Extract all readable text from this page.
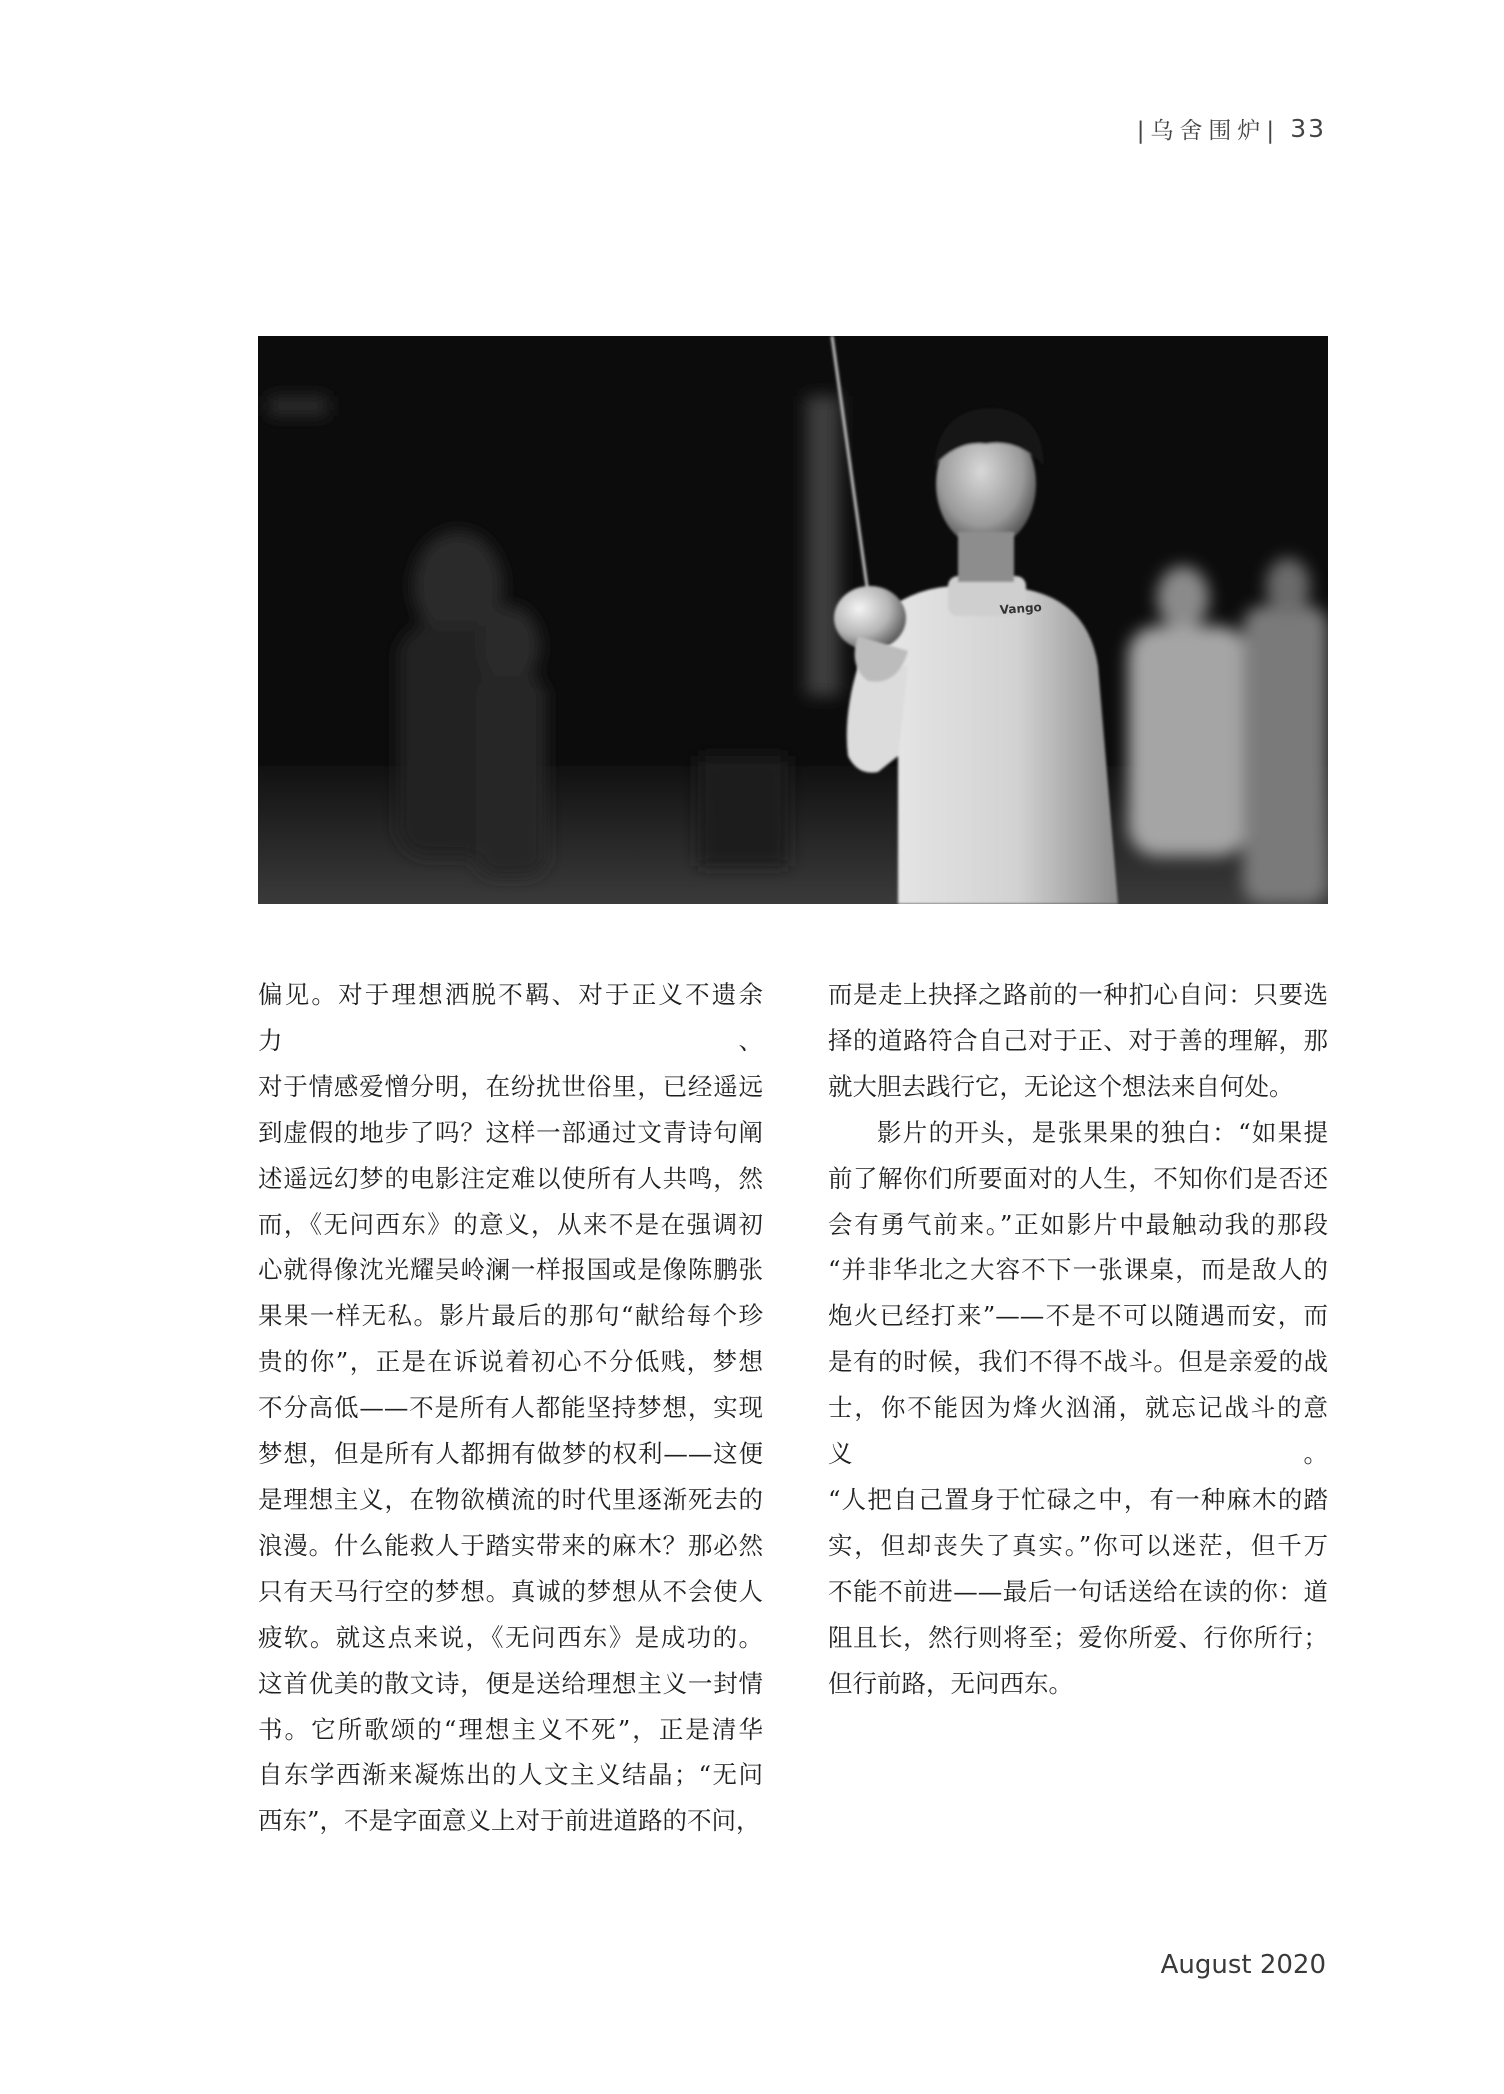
|乌舍围炉| 33
Vango

偏见。对于理想洒脱不羁、对于正义不遗余力、

对于情感爱憎分明，在纷扰世俗里，已经遥远

到虚假的地步了吗？这样一部通过文青诗句阐

述遥远幻梦的电影注定难以使所有人共鸣，然

而，《无问西东》的意义，从来不是在强调初

心就得像沈光耀吴岭澜一样报国或是像陈鹏张

果果一样无私。影片最后的那句“献给每个珍

贵的你”，正是在诉说着初心不分低贱，梦想

不分高低——不是所有人都能坚持梦想，实现

梦想，但是所有人都拥有做梦的权利——这便

是理想主义，在物欲横流的时代里逐渐死去的

浪漫。什么能救人于踏实带来的麻木？那必然

只有天马行空的梦想。真诚的梦想从不会使人

疲软。就这点来说，《无问西东》是成功的。

这首优美的散文诗，便是送给理想主义一封情

书。它所歌颂的“理想主义不死”，正是清华

自东学西渐来凝炼出的人文主义结晶；“无问

西东”，不是字面意义上对于前进道路的不问，

而是走上抉择之路前的一种扪心自问：只要选

择的道路符合自己对于正、对于善的理解，那

就大胆去践行它，无论这个想法来自何处。

影片的开头，是张果果的独白：“如果提

前了解你们所要面对的人生，不知你们是否还

会有勇气前来。”正如影片中最触动我的那段

“并非华北之大容不下一张课桌，而是敌人的

炮火已经打来”——不是不可以随遇而安，而

是有的时候，我们不得不战斗。但是亲爱的战

士，你不能因为烽火汹涌，就忘记战斗的意义。

“人把自己置身于忙碌之中，有一种麻木的踏

实，但却丧失了真实。”你可以迷茫，但千万

不能不前进——最后一句话送给在读的你：道

阻且长，然行则将至；爱你所爱、行你所行；

但行前路，无问西东。

August 2020
